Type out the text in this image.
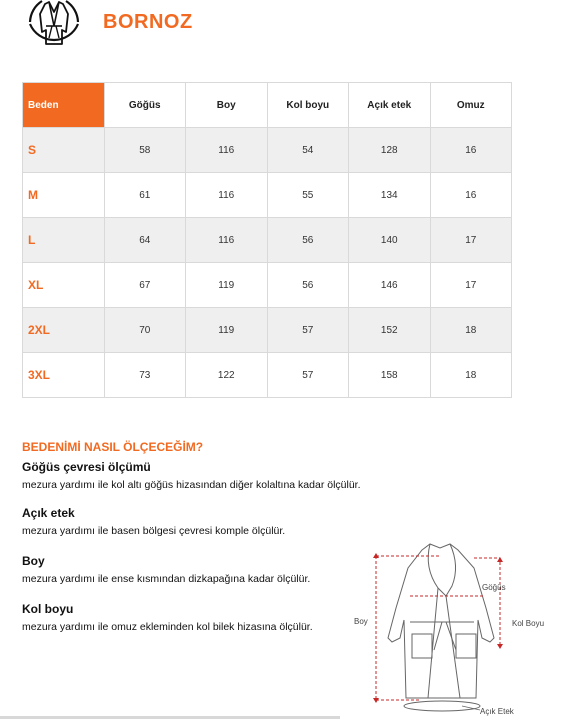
BORNOZ
Beden	Göğüs	Boy	Kol boyu	Açık etek	Omuz
S	58	116	54	128	16
M	61	116	55	134	16
L	64	116	56	140	17
XL	67	119	56	146	17
2XL	70	119	57	152	18
3XL	73	122	57	158	18
BEDENİMİ NASIL ÖLÇECEĞİM?
Göğüs çevresi ölçümü
mezura yardımı ile kol altı göğüs hizasından diğer kolaltına kadar ölçülür.
Açık etek
mezura yardımı ile basen bölgesi çevresi komple ölçülür.
Boy
mezura yardımı ile ense kısmından dizkapağına kadar ölçülür.
Kol boyu
mezura yardımı ile omuz ekleminden kol bilek hizasına ölçülür.
Göğüs
Boy	Kol Boyu
Açık Etek
